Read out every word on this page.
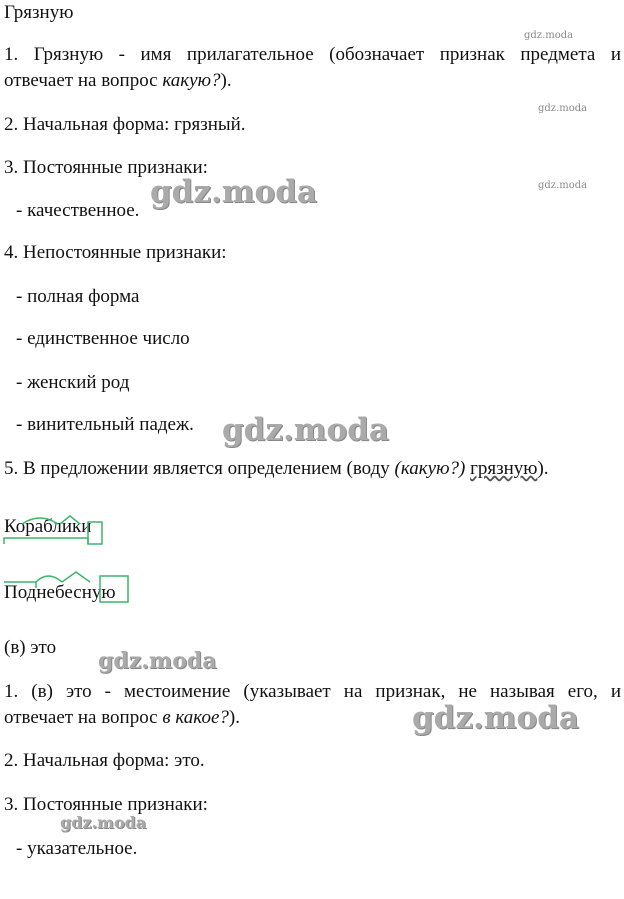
gdz.moda
gdz.moda
gdz.moda
Грязную
1. Грязную - имя прилагательное (обозначает признак предмета и
отвечает на вопрос какую?).
2. Начальная форма: грязный.
3. Постоянные признаки:
- качественное.
gdz.moda
4. Непостоянные признаки:
- полная форма
- единственное число
- женский род
- винительный падеж. gdz.moda
5. В предложении является определением (воду (какую?) грязную).
Кораблики
Поднебесную
(в) это
gdz.moda
1. (в) это - местоимение (указывает на признак, не называя его, и
отвечает на вопрос в какое?).	gdz.moda
2. Начальная форма: это.
3. Постоянные признаки:
gdz.moda
- указательное.
